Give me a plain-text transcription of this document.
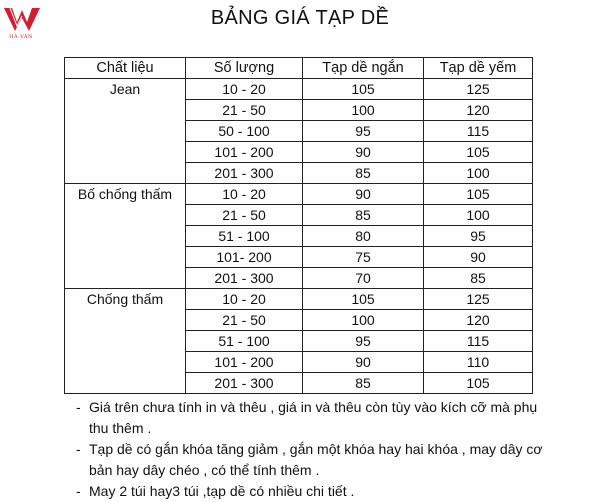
HÀ VÂN
BẢNG GIÁ TẠP DỀ
Chất liệu	Số lượng	Tạp dề ngắn	Tạp dề yếm
Jean	10 - 20	105	125
	21 - 50	100	120
	50 - 100	95	115
	101 - 200	90	105
	201 - 300	85	100
Bố chống thấm	10 - 20	90	105
	21 - 50	85	100
	51 - 100	80	95
	101- 200	75	90
	201 - 300	70	85
Chống thấm	10 - 20	105	125
	21 - 50	100	120
	51 - 100	95	115
	101 - 200	90	110
	201 - 300	85	105
- Giá trên chưa tính in và thêu , giá in và thêu còn tùy vào kích cỡ mà phụ thu thêm .
- Tạp dề có gắn khóa tăng giảm , gắn một khóa hay hai khóa , may dây cơ bản hay dây chéo , có thể tính thêm .
- May 2 túi hay3 túi ,tạp dề có nhiều chi tiết .
